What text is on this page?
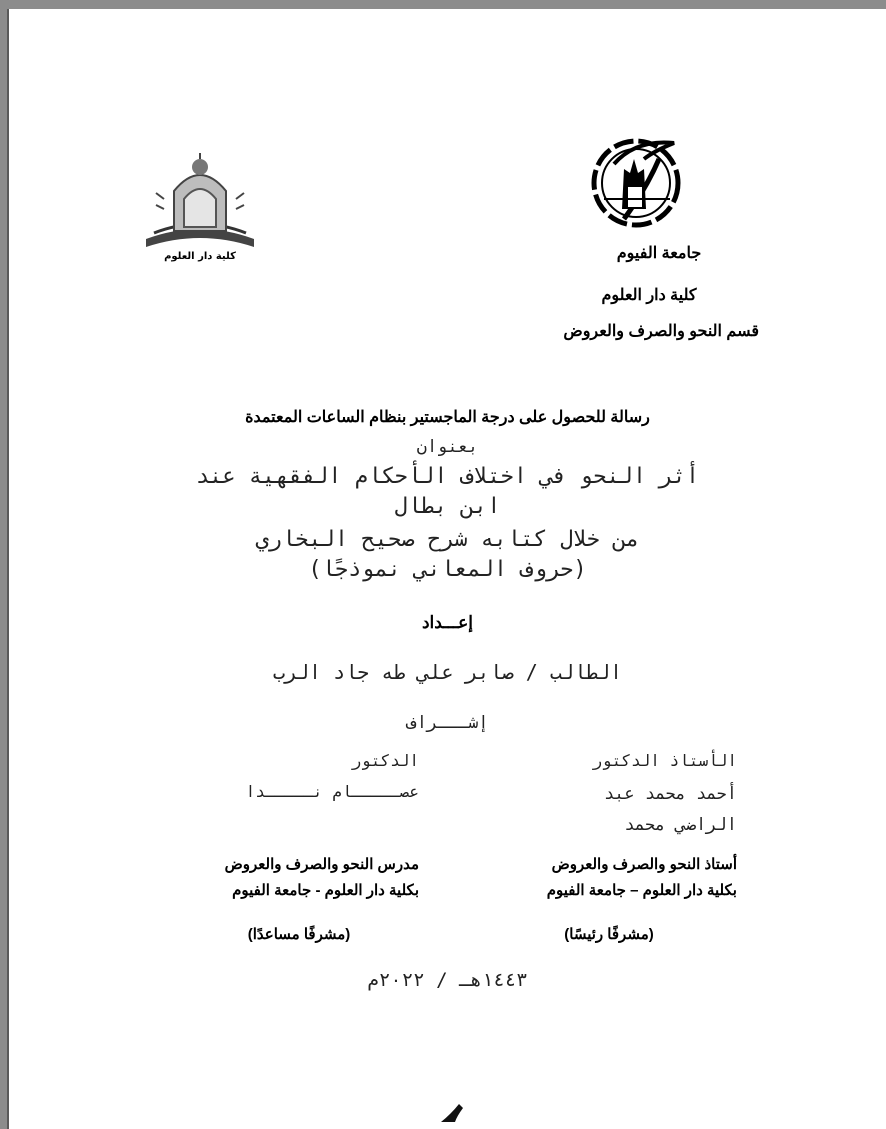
كلية دار العلوم	جامعة الفيوم
كلية دار العلوم
قسم النحو والصرف والعروض
رسالة للحصول على درجة الماجستير بنظام الساعات المعتمدة
بعنوان
أثر النحو في اختلاف الأحكام الفقهية عند
ابن بطال
من خلال كتابه شرح صحيح البخاري
(حروف المعاني نموذجًا)
إعـــداد
الطالب / صابر علي طه جاد الرب
إشـــراف
الأستاذ الدكتور
أحمد محمد عبد
الراضي محمد
الدكتور
عصـــــام نـــــدا
أستاذ النحو والصرف والعروض
بكلية دار العلوم – جامعة الفيوم
مدرس النحو والصرف والعروض
بكلية دار العلوم - جامعة الفيوم
(مشرفًا رئيسًا)
(مشرفًا مساعدًا)
١٤٤٣هـ / ٢٠٢٢م
